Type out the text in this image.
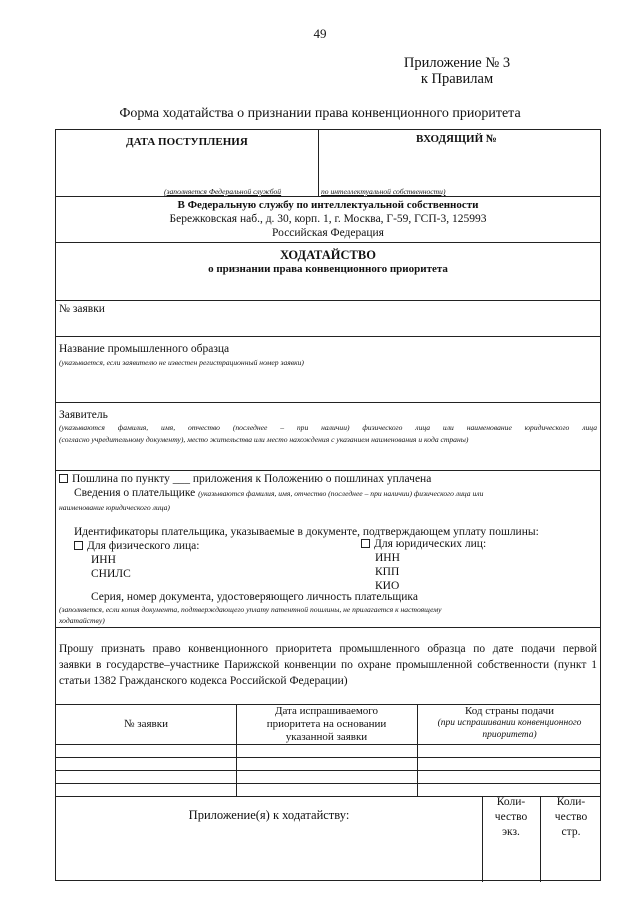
49
Приложение № 3
к Правилам
Форма ходатайства о признании права конвенционного приоритета
ДАТА ПОСТУПЛЕНИЯ	ВХОДЯЩИЙ №
(заполняется Федеральной службой	по интеллектуальной собственности)
В Федеральную службу по интеллектуальной собственности
Бережковская наб., д. 30, корп. 1, г. Москва, Г-59, ГСП-3, 125993
Российская Федерация
ХОДАТАЙСТВО
о признании права конвенционного приоритета
№ заявки
Название промышленного образца
(указывается, если заявителю не известен регистрационный номер заявки)
Заявитель
(указываются фамилия, имя, отчество (последнее – при наличии) физического лица или наименование юридического лица
(согласно учредительному документу), место жительства или место нахождения с указанием наименования и кода страны)
Пошлина по пункту ___ приложения к Положению о пошлинах уплачена
Сведения о плательщике (указываются фамилия, имя, отчество (последнее – при наличии) физического лица или
наименование юридического лица)
Идентификаторы плательщика, указываемые в документе, подтверждающем уплату пошлины:
Для физического лица:
ИНН
СНИЛС
Для юридических лиц:
ИНН
КПП
КИО
Серия, номер документа, удостоверяющего личность плательщика
(заполняется, если копия документа, подтверждающего уплату патентной пошлины, не прилагается к настоящему
ходатайству)
Прошу признать право конвенционного приоритета промышленного образца по дате подачи первой
заявки в государстве–участнике Парижской конвенции по охране промышленной собственности (пункт 1
статьи 1382 Гражданского кодекса Российской Федерации)
№ заявки
Дата испрашиваемого
приоритета на основании
указанной заявки
Код страны подачи
(при испрашивании конвенционного
приоритета)
Приложение(я) к ходатайству:
Коли-
чество
экз.
Коли-
чество
стр.
